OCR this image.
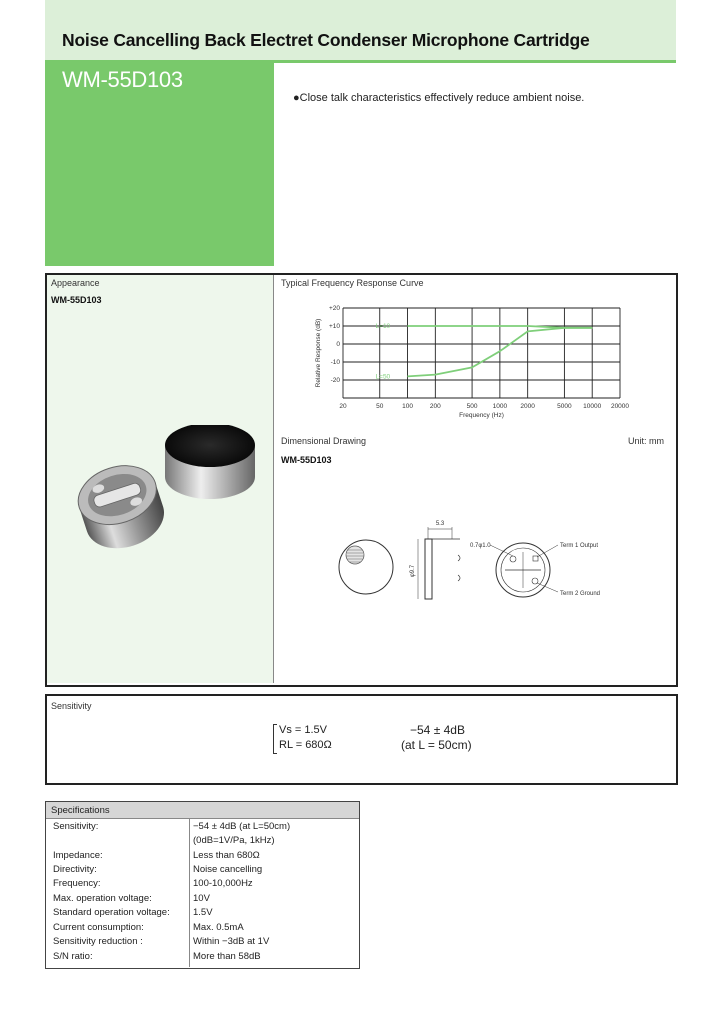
Noise Cancelling Back Electret Condenser Microphone Cartridge
WM-55D103
●Close talk characteristics effectively reduce ambient noise.
Appearance
WM-55D103
Typical Frequency Response Curve
20	50	100	200	500 1000 2000	5000 10000 20000
+20
+10
0
-10
-20
Frequency (Hz)
Relative Response (dB)	L=10
L=50
Dimensional Drawing	Unit: mm
WM-55D103
5.3
φ9.7
0.7φ1.0	Term 1 Output
Term 2 Ground
Sensitivity
Vs = 1.5V
RL = 680Ω
−54 ± 4dB
(at L = 50cm)
Specifications
Sensitivity:	−54 ± 4dB (at L=50cm)
(0dB=1V/Pa, 1kHz)
Impedance:	Less than 680Ω
Directivity:	Noise cancelling
Frequency:	100-10,000Hz
Max. operation voltage:	10V
Standard operation voltage: 1.5V
Current consumption:	Max. 0.5mA
Sensitivity reduction :	Within −3dB at 1V
S/N ratio:	More than 58dB
